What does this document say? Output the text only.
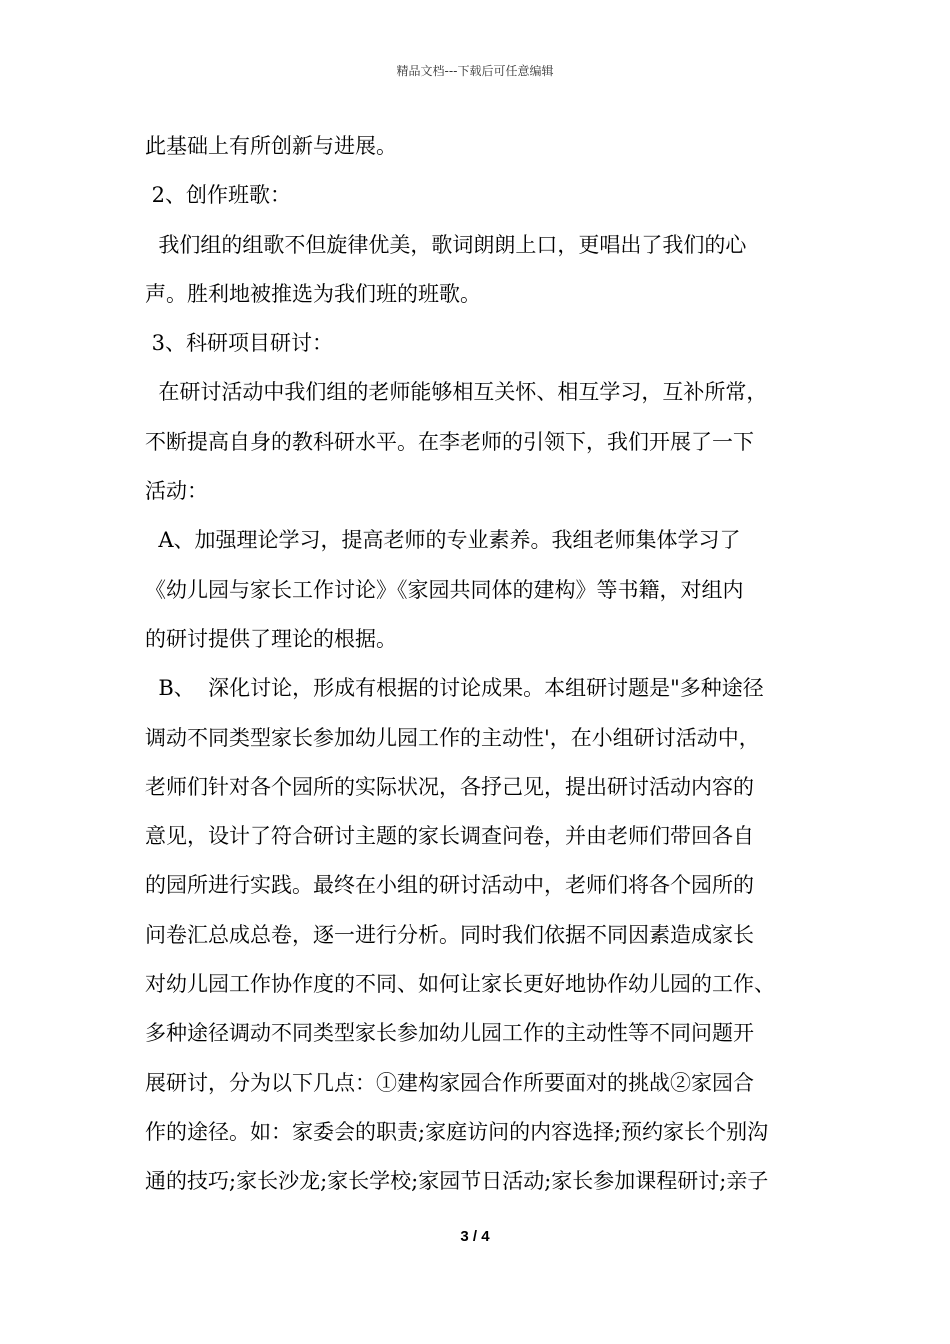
精品文档---下载后可任意编辑
此基础上有所创新与进展。
2、创作班歌：
我们组的组歌不但旋律优美，歌词朗朗上口，更唱出了我们的心
声。胜利地被推选为我们班的班歌。
3、科研项目研讨：
在研讨活动中我们组的老师能够相互关怀、相互学习，互补所常，
不断提高自身的教科研水平。在李老师的引领下，我们开展了一下
活动：
A、加强理论学习，提高老师的专业素养。我组老师集体学习了
《幼儿园与家长工作讨论》《家园共同体的建构》等书籍，对组内
的研讨提供了理论的根据。
B、  深化讨论，形成有根据的讨论成果。本组研讨题是"多种途径
调动不同类型家长参加幼儿园工作的主动性'，在小组研讨活动中，
老师们针对各个园所的实际状况，各抒己见，提出研讨活动内容的
意见，设计了符合研讨主题的家长调查问卷，并由老师们带回各自
的园所进行实践。最终在小组的研讨活动中，老师们将各个园所的
问卷汇总成总卷，逐一进行分析。同时我们依据不同因素造成家长
对幼儿园工作协作度的不同、如何让家长更好地协作幼儿园的工作、
多种途径调动不同类型家长参加幼儿园工作的主动性等不同问题开
展研讨，分为以下几点：①建构家园合作所要面对的挑战②家园合
作的途径。如：家委会的职责;家庭访问的内容选择;预约家长个别沟
通的技巧;家长沙龙;家长学校;家园节日活动;家长参加课程研讨;亲子
3 / 4
